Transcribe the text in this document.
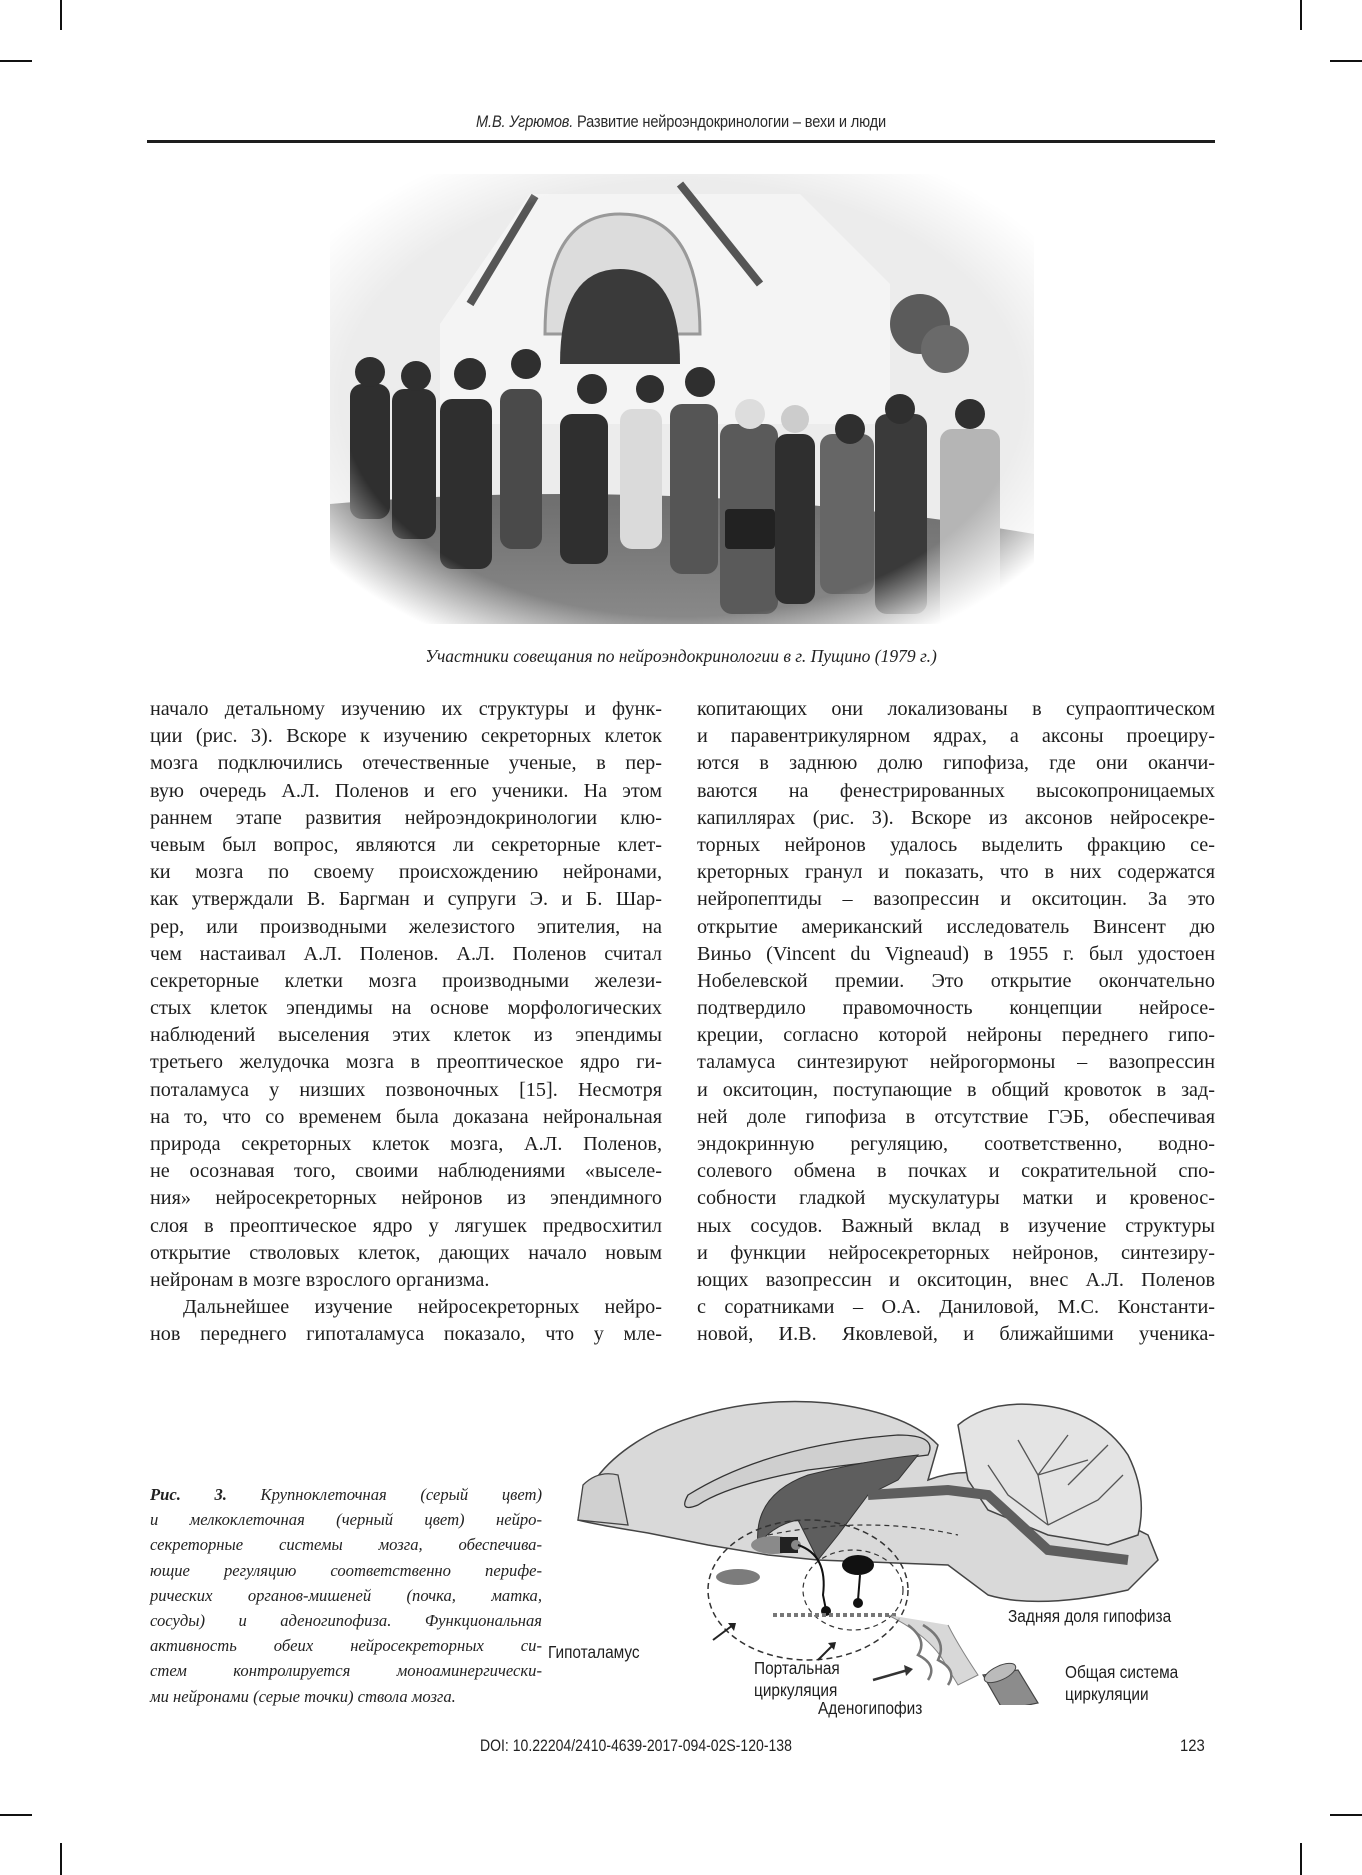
М.В. Угрюмов. Развитие нейроэндокринологии – вехи и люди
Участники совещания по нейроэндокринологии в г. Пущино (1979 г.)
начало детальному изучению их структуры и функ-
ции (рис. 3). Вскоре к изучению секреторных клеток
мозга подключились отечественные ученые, в пер-
вую очередь А.Л. Поленов и его ученики. На этом
раннем этапе развития нейроэндокринологии клю-
чевым был вопрос, являются ли секреторные клет-
ки мозга по своему происхождению нейронами,
как утверждали В. Баргман и супруги Э. и Б. Шар-
рер, или производными железистого эпителия, на
чем настаивал А.Л. Поленов. А.Л. Поленов считал
секреторные клетки мозга производными желези-
стых клеток эпендимы на основе морфологических
наблюдений выселения этих клеток из эпендимы
третьего желудочка мозга в преоптическое ядро ги-
поталамуса у низших позвоночных [15]. Несмотря
на то, что со временем была доказана нейрональная
природа секреторных клеток мозга, А.Л. Поленов,
не осознавая того, своими наблюдениями «выселе-
ния» нейросекреторных нейронов из эпендимного
слоя в преоптическое ядро у лягушек предвосхитил
открытие стволовых клеток, дающих начало новым
нейронам в мозге взрослого организма.
Дальнейшее изучение нейросекреторных нейро-
нов переднего гипоталамуса показало, что у мле-
копитающих они локализованы в супраоптическом
и паравентрикулярном ядрах, а аксоны проециру-
ются в заднюю долю гипофиза, где они оканчи-
ваются на фенестрированных высокопроницаемых
капиллярах (рис. 3). Вскоре из аксонов нейросекре-
торных нейронов удалось выделить фракцию се-
креторных гранул и показать, что в них содержатся
нейропептиды – вазопрессин и окситоцин. За это
открытие американский исследователь Винсент дю
Виньо (Vincent du Vigneaud) в 1955 г. был удостоен
Нобелевской премии. Это открытие окончательно
подтвердило правомочность концепции нейросе-
креции, согласно которой нейроны переднего гипо-
таламуса синтезируют нейрогормоны – вазопрессин
и окситоцин, поступающие в общий кровоток в зад-
ней доле гипофиза в отсутствие ГЭБ, обеспечивая
эндокринную регуляцию, соответственно, водно-
солевого обмена в почках и сократительной спо-
собности гладкой мускулатуры матки и кровенос-
ных сосудов. Важный вклад в изучение структуры
и функции нейросекреторных нейронов, синтезиру-
ющих вазопрессин и окситоцин, внес А.Л. Поленов
с соратниками – О.А. Даниловой, М.С. Константи-
новой, И.В. Яковлевой, и ближайшими ученика-
Рис. 3. Крупноклеточная (серый цвет)
и мелкоклеточная (черный цвет) нейро-
секреторные системы мозга, обеспечива-
ющие регуляцию соответственно перифе-
рических органов-мишеней (почка, матка,
сосуды) и аденогипофиза. Функциональная
активность обеих нейросекреторных си-
стем контролируется моноаминергически-
ми нейронами (серые точки) ствола мозга.
Гипоталамус
Портальная
циркуляция
Аденогипофиз
Задняя доля гипофиза
Общая система
циркуляции
DOI: 10.22204/2410-4639-2017-094-02S-120-138	123
